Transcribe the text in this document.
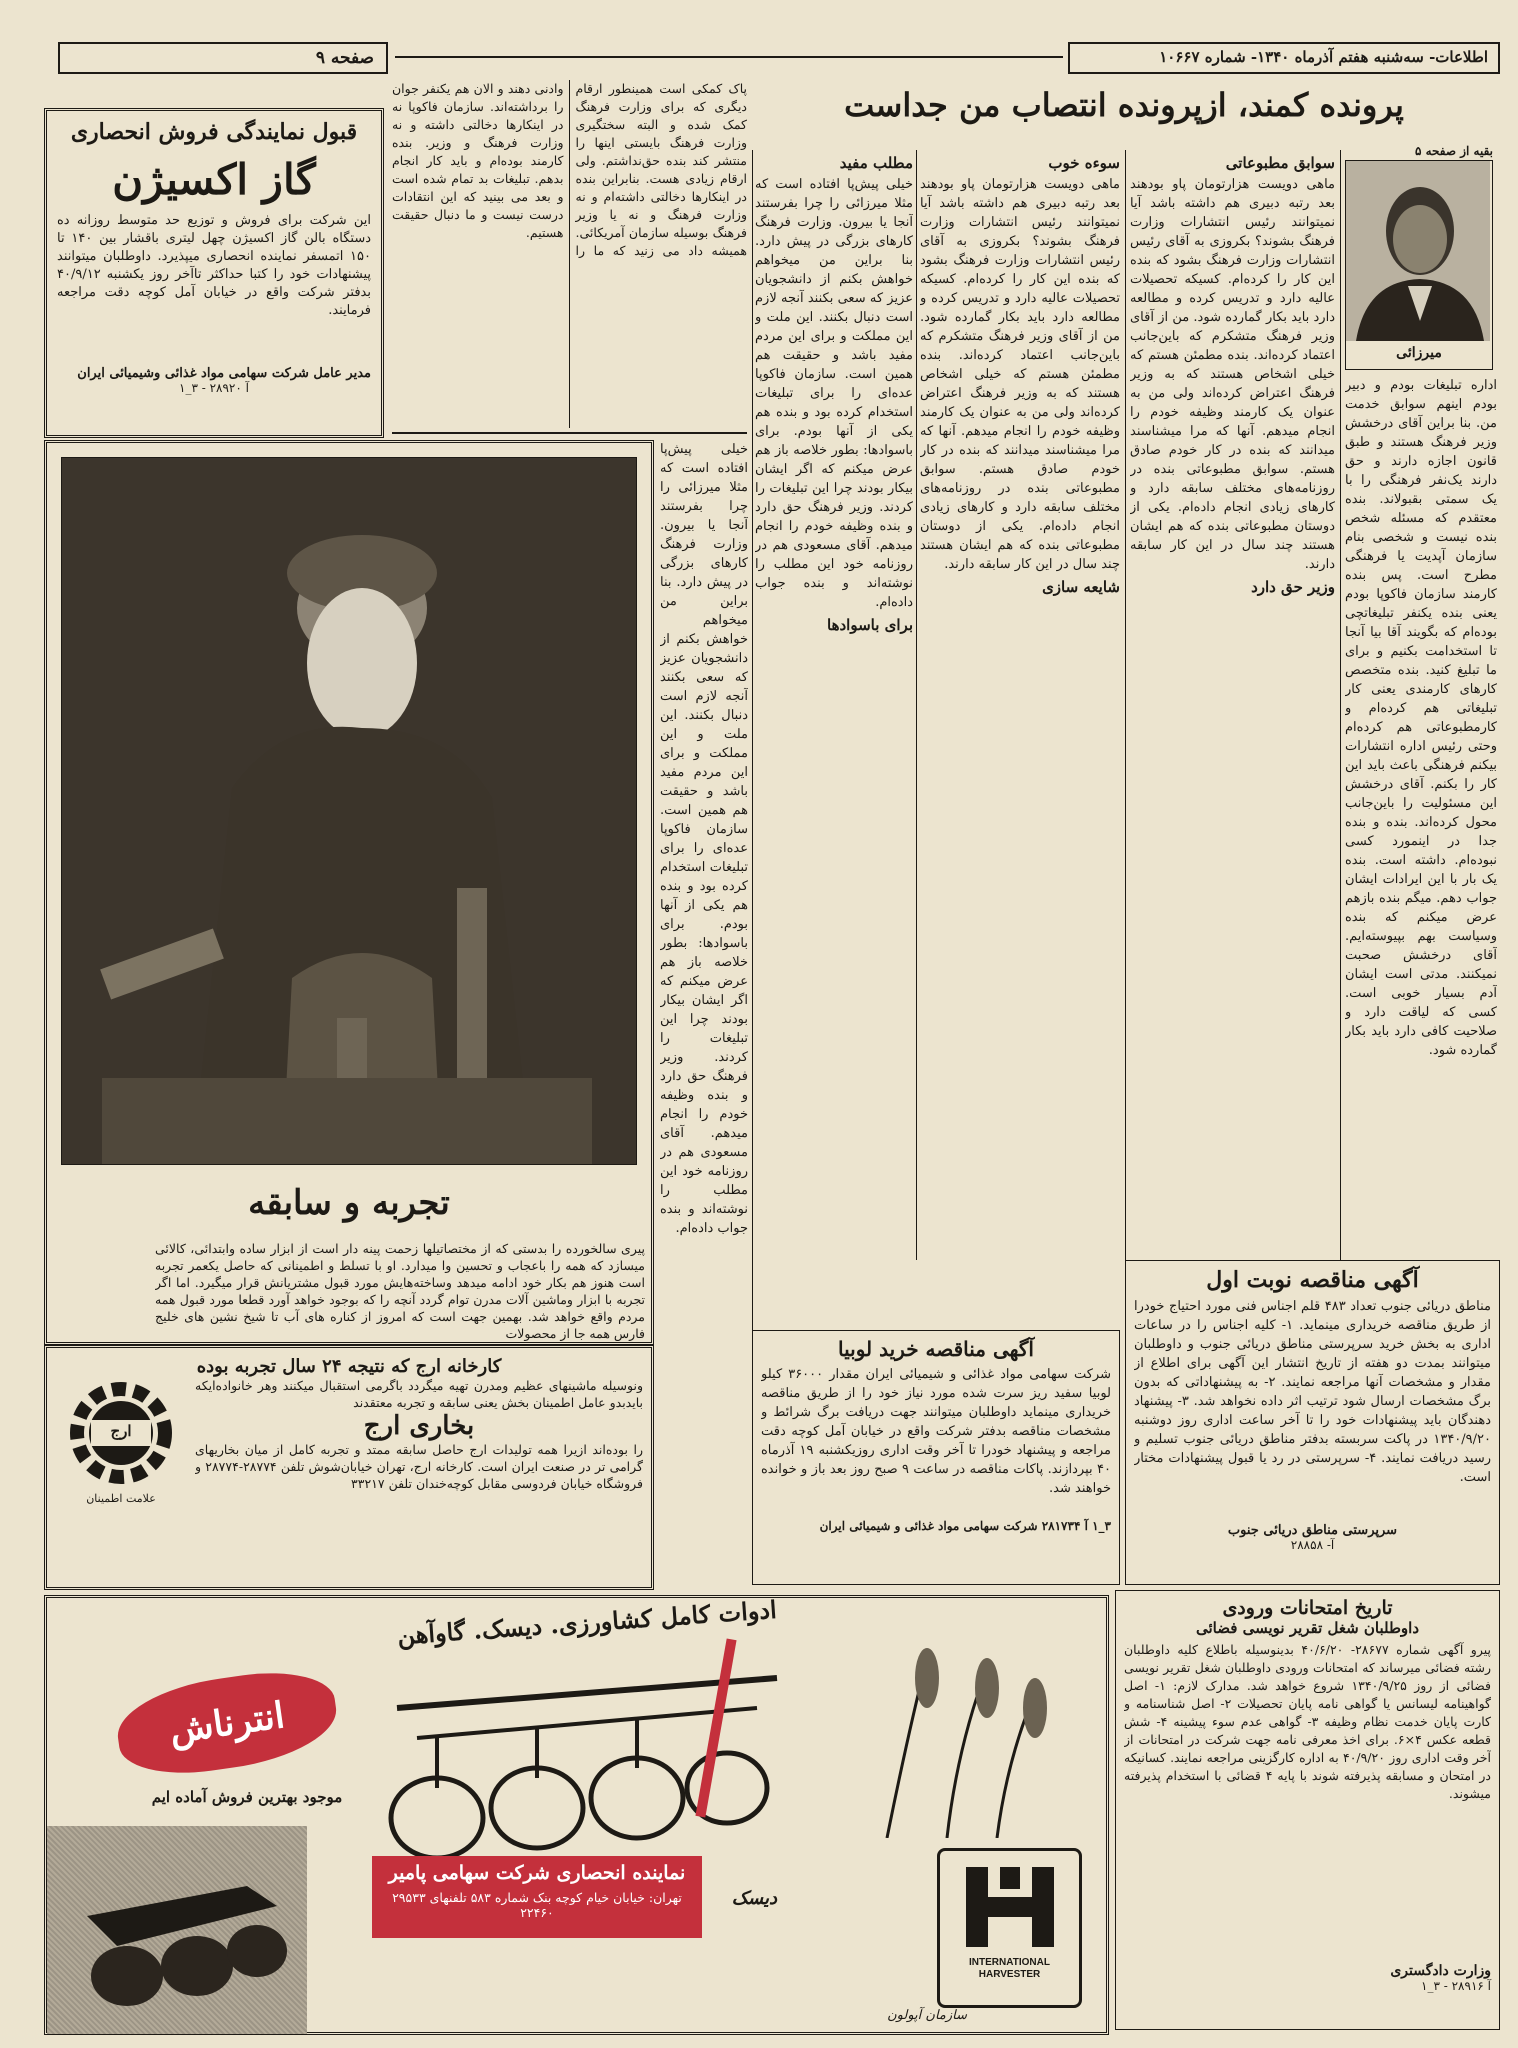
صفحه ۹	اطلاعات- سه‌شنبه هفتم آذرماه ۱۳۴۰- شماره ۱۰۶۶۷
قبول نمایندگی فروش انحصاری
گاز اکسیژن
این شرکت برای فروش و توزیع حد متوسط روزانه ده دستگاه بالن گاز اکسیژن چهل لیتری باقشار بین ۱۴۰ تا ۱۵۰ اتمسفر نماینده انحصاری میپذیرد. داوطلبان میتوانند پیشنهادات خود را کتبا حداکثر تاآخر روز یکشنبه ۴۰/۹/۱۲ بدفتر شرکت واقع در خیابان آمل کوچه دقت مراجعه فرمایند.
مدیر عامل شرکت سهامی مواد غذائی وشیمیائی ایران
آ ۲۸۹۲۰ - ۳_۱
پاک کمکی است همینطور ارقام دیگری که برای وزارت فرهنگ کمک شده و البته سختگیری وزارت فرهنگ بایستی اینها را منتشر کند بنده حق‌نداشتم. ولی ارقام زیادی هست. بنابراین بنده در اینکارها دخالتی داشته‌ام و نه وزارت فرهنگ و نه یا وزیر فرهنگ بوسیله سازمان آمریکائی. همیشه داد می زنید که ما را وادنی دهند و الان هم یکنفر جوان را برداشته‌اند. سازمان فاکوپا نه در اینکارها دخالتی داشته و نه وزارت فرهنگ و وزیر. بنده کارمند بوده‌ام و باید کار انجام بدهم. تبلیغات بد تمام شده است و بعد می بینید که این انتقادات درست نیست و ما دنبال حقیقت هستیم.
پرونده کمند، ازپرونده انتصاب من جداست
میرزائی
بقیه از صفحه ۵
اداره تبلیغات بودم و دبیر بودم اینهم سوابق خدمت من. بنا براین آقای درخشش وزیر فرهنگ هستند و طبق قانون اجازه دارند و حق دارند یک‌نفر فرهنگی را با یک سمتی بقبولاند. بنده معتقدم که مسئله شخص بنده نیست و شخصی بنام سازمان آپدیت یا فرهنگی مطرح است. پس بنده کارمند سازمان فاکوپا بودم یعنی بنده یکنفر تبلیغاتچی بوده‌ام که بگویند آقا بیا آنجا تا استخدامت بکنیم و برای ما تبلیغ کنید. بنده متخصص کارهای کارمندی یعنی کار تبلیغاتی هم کرده‌ام و کارمطبوعاتی هم کرده‌ام وحتی رئیس اداره انتشارات بیکنم فرهنگی باعث باید این کار را بکنم. آقای درخشش این مسئولیت را باین‌جانب محول کرده‌اند. بنده و بنده جدا در اینمورد کسی نبوده‌ام. داشته است. بنده یک بار با این ایرادات ایشان جواب دهم. میگم بنده بازهم عرض میکنم که بنده وسیاست بهم بپیوسته‌ایم. آقای درخشش صحبت نمیکنند. مدتی است ایشان آدم بسیار خوبی است. کسی که لیاقت دارد و صلاحیت کافی دارد باید بکار گمارده شود.
سوابق مطبوعاتی
ماهی دویست هزارتومان پاو بودهند بعد رتبه دبیری هم داشته باشد آیا نمیتوانند رئیس انتشارات وزارت فرهنگ بشوند؟ بکروزی به آقای رئیس انتشارات وزارت فرهنگ بشود که بنده این کار را کرده‌ام. کسیکه تحصیلات عالیه دارد و تدریس کرده و مطالعه دارد باید بکار گمارده شود. من از آقای وزیر فرهنگ متشکرم که باین‌جانب اعتماد کرده‌اند. بنده مطمئن هستم که خیلی اشخاص هستند که به وزیر فرهنگ اعتراض کرده‌اند ولی من به عنوان یک کارمند وظیفه خودم را انجام میدهم. آنها که مرا میشناسند میدانند که بنده در کار خودم صادق هستم. سوابق مطبوعاتی بنده در روزنامه‌های مختلف سابقه دارد و کارهای زیادی انجام داده‌ام. یکی از دوستان مطبوعاتی بنده که هم ایشان هستند چند سال در این کار سابقه دارند.
وزیر حق دارد
سوءه خوب
ماهی دویست هزارتومان پاو بودهند بعد رتبه دبیری هم داشته باشد آیا نمیتوانند رئیس انتشارات وزارت فرهنگ بشوند؟ بکروزی به آقای رئیس انتشارات وزارت فرهنگ بشود که بنده این کار را کرده‌ام. کسیکه تحصیلات عالیه دارد و تدریس کرده و مطالعه دارد باید بکار گمارده شود. من از آقای وزیر فرهنگ متشکرم که باین‌جانب اعتماد کرده‌اند. بنده مطمئن هستم که خیلی اشخاص هستند که به وزیر فرهنگ اعتراض کرده‌اند ولی من به عنوان یک کارمند وظیفه خودم را انجام میدهم. آنها که مرا میشناسند میدانند که بنده در کار خودم صادق هستم. سوابق مطبوعاتی بنده در روزنامه‌های مختلف سابقه دارد و کارهای زیادی انجام داده‌ام. یکی از دوستان مطبوعاتی بنده که هم ایشان هستند چند سال در این کار سابقه دارند.
شایعه سازی
مطلب مفید
خیلی پیش‌پا افتاده است که مثلا میرزائی را چرا بفرستند آنجا یا بیرون. وزارت فرهنگ کارهای بزرگی در پیش دارد. بنا براین من میخواهم خواهش بکنم از دانشجویان عزیز که سعی بکنند آنجه لازم است دنبال بکنند. این ملت و این مملکت و برای این مردم مفید باشد و حقیقت هم همین است. سازمان فاکوپا عده‌ای را برای تبلیغات استخدام کرده بود و بنده هم یکی از آنها بودم. برای باسوادها: بطور خلاصه باز هم عرض میکنم که اگر ایشان بیکار بودند چرا این تبلیغات را کردند. وزیر فرهنگ حق دارد و بنده وظیفه خودم را انجام میدهم. آقای مسعودی هم در روزنامه خود این مطلب را نوشته‌اند و بنده جواب داده‌ام.
برای باسوادها
خیلی پیش‌پا افتاده است که مثلا میرزائی را چرا بفرستند آنجا یا بیرون. وزارت فرهنگ کارهای بزرگی در پیش دارد. بنا براین من میخواهم خواهش بکنم از دانشجویان عزیز که سعی بکنند آنجه لازم است دنبال بکنند. این ملت و این مملکت و برای این مردم مفید باشد و حقیقت هم همین است. سازمان فاکوپا عده‌ای را برای تبلیغات استخدام کرده بود و بنده هم یکی از آنها بودم. برای باسوادها: بطور خلاصه باز هم عرض میکنم که اگر ایشان بیکار بودند چرا این تبلیغات را کردند. وزیر فرهنگ حق دارد و بنده وظیفه خودم را انجام میدهم. آقای مسعودی هم در روزنامه خود این مطلب را نوشته‌اند و بنده جواب داده‌ام.
تجربه و سابقه
پیری سالخورده را بدستی که از مختصاتیلها زحمت پینه دار است از ابزار ساده وابتدائی، کالائی میسازد که همه را باعجاب و تحسین وا میدارد. او با تسلط و اطمینانی که حاصل یکعمر تجربه است هنوز هم بکار خود ادامه میدهد وساخته‌هایش مورد قبول مشتریانش قرار میگیرد. اما اگر تجربه با ابزار وماشین آلات مدرن توام گردد آنچه را که بوجود خواهد آورد قطعا مورد قبول همه مردم واقع خواهد شد. بهمین جهت است که امروز از کناره های آب تا شیخ نشین های خلیج فارس همه جا از محصولات
کارخانه ارج که نتیجه ۲۴ سال تجربه بوده
ونوسیله ماشینهای عظیم ومدرن تهیه میگردد باگرمی استقبال میکنند وهر خانواده‌ایکه بایدبدو عامل اطمینان بخش یعنی سابقه و تجربه معتقدند
بخاری ارج
را بوده‌اند ازیرا همه تولیدات ارج حاصل سابقه ممتد و تجربه کامل از میان بخاریهای گرامی تر در صنعت ایران است. کارخانه ارج، تهران خیابان‌شوش تلفن ۲۸۷۷۴-۲۸۷۷۴ و فروشگاه خیابان فردوسی مقابل کوچه‌خندان تلفن ۳۳۲۱۷
ارج
علامت اطمینان
آگهی مناقصه خرید لوبیا
شرکت سهامی مواد غذائی و شیمیائی ایران مقدار ۳۶۰۰۰ کیلو لوبیا سفید ریز سرت شده مورد نیاز خود را از طریق مناقصه خریداری مینماید داوطلبان میتوانند جهت دریافت برگ شرائط و مشخصات مناقصه بدفتر شرکت واقع در خیابان آمل کوچه دقت مراجعه و پیشنهاد خودرا تا آخر وقت اداری روزیکشنبه ۱۹ آذرماه ۴۰ بپردازند. پاکات مناقصه در ساعت ۹ صبح روز بعد باز و خوانده خواهند شد.
۳_۱ آ ۲۸۱۷۳۴ شرکت سهامی مواد غذائی و شیمیائی ایران
آگهی مناقصه نوبت اول
مناطق دریائی جنوب تعداد ۴۸۳ قلم اجناس فنی مورد احتیاج خودرا از طریق مناقصه خریداری مینماید. ۱- کلیه اجناس را در ساعات اداری به بخش خرید سرپرستی مناطق دریائی جنوب و داوطلبان میتوانند بمدت دو هفته از تاریخ انتشار این آگهی برای اطلاع از مقدار و مشخصات آنها مراجعه نمایند. ۲- به پیشنهاداتی که بدون برگ مشخصات ارسال شود ترتیب اثر داده نخواهد شد. ۳- پیشنهاد دهندگان باید پیشنهادات خود را تا آخر ساعت اداری روز دوشنبه ۱۳۴۰/۹/۲۰ در پاکت سربسته بدفتر مناطق دریائی جنوب تسلیم و رسید دریافت نمایند. ۴- سرپرستی در رد یا قبول پیشنهادات مختار است.
سرپرستی مناطق دریائی جنوب
آ- ۲۸۸۵۸
تاریخ امتحانات ورودی
داوطلبان شغل تقریر نویسی فضائی
پیرو آگهی شماره ۲۸۶۷۷- ۴۰/۶/۲۰ بدینوسیله باطلاع کلیه داوطلبان رشته فضائی میرساند که امتحانات ورودی داوطلبان شغل تقریر نویسی فضائی از روز ۱۳۴۰/۹/۲۵ شروع خواهد شد. مدارک لازم: ۱- اصل گواهینامه لیسانس یا گواهی نامه پایان تحصیلات ۲- اصل شناسنامه و کارت پایان خدمت نظام وظیفه ۳- گواهی عدم سوء پیشینه ۴- شش قطعه عکس ۴×۶. برای اخذ معرفی نامه جهت شرکت در امتحانات از آخر وقت اداری روز ۴۰/۹/۲۰ به اداره کارگزینی مراجعه نمایند. کسانیکه در امتحان و مسابقه پذیرفته شوند با پایه ۴ قضائی با استخدام پذیرفته میشوند.
وزارت دادگستری
آ ۲۸۹۱۶ - ۳_۱
ادوات کامل کشاورزی. دیسک. گاوآهن
انترناش
موجود بهترین فروش آماده ایم
دیسک
نماینده انحصاری شرکت سهامی پامیر
تهران: خیابان خیام کوچه بنک شماره ۵۸۳ تلفنهای ۲۹۵۳۳ ۲۲۴۶۰
INTERNATIONAL HARVESTER
سازمان آپولون
